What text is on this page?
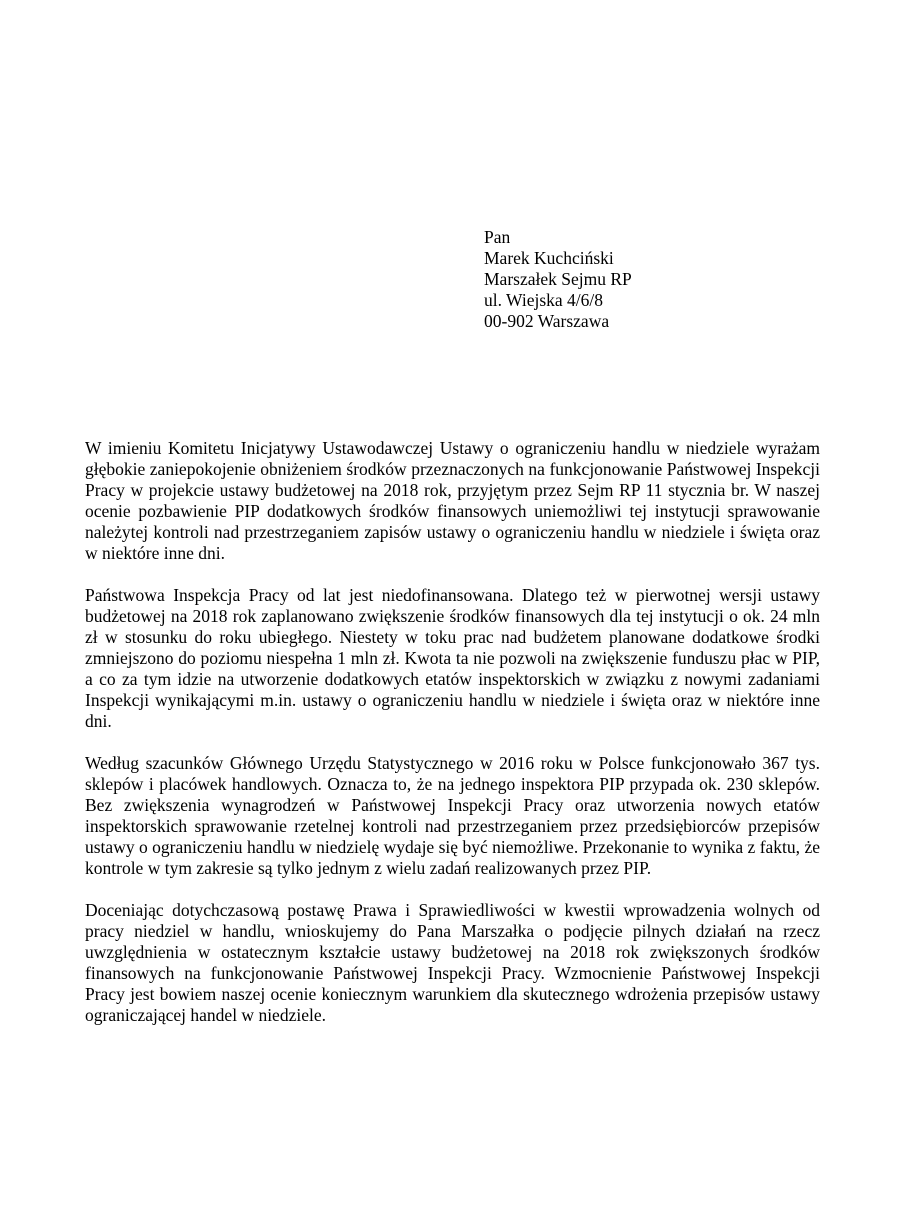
Pan
Marek Kuchciński
Marszałek Sejmu RP
ul. Wiejska 4/6/8
00-902 Warszawa

W imieniu Komitetu Inicjatywy Ustawodawczej Ustawy o ograniczeniu handlu w niedziele wyrażam głębokie zaniepokojenie obniżeniem środków przeznaczonych na funkcjonowanie Państwowej Inspekcji Pracy w projekcie ustawy budżetowej na 2018 rok, przyjętym przez Sejm RP 11 stycznia br. W naszej ocenie pozbawienie PIP dodatkowych środków finansowych uniemożliwi tej instytucji sprawowanie należytej kontroli nad przestrzeganiem zapisów ustawy o ograniczeniu handlu w niedziele i święta oraz w niektóre inne dni.

Państwowa Inspekcja Pracy od lat jest niedofinansowana. Dlatego też w pierwotnej wersji ustawy budżetowej na 2018 rok zaplanowano zwiększenie środków finansowych dla tej instytucji o ok. 24 mln zł w stosunku do roku ubiegłego. Niestety w toku prac nad budżetem planowane dodatkowe środki zmniejszono do poziomu niespełna 1 mln zł. Kwota ta nie pozwoli na zwiększenie funduszu płac w PIP, a co za tym idzie na utworzenie dodatkowych etatów inspektorskich w związku z nowymi zadaniami Inspekcji wynikającymi m.in. ustawy o ograniczeniu handlu w niedziele i święta oraz w niektóre inne dni.

Według szacunków Głównego Urzędu Statystycznego w 2016 roku w Polsce funkcjonowało 367 tys. sklepów i placówek handlowych. Oznacza to, że na jednego inspektora PIP przypada ok. 230 sklepów. Bez zwiększenia wynagrodzeń w Państwowej Inspekcji Pracy oraz utworzenia nowych etatów inspektorskich sprawowanie rzetelnej kontroli nad przestrzeganiem przez przedsiębiorców przepisów ustawy o ograniczeniu handlu w niedzielę wydaje się być niemożliwe. Przekonanie to wynika z faktu, że kontrole w tym zakresie są tylko jednym z wielu zadań realizowanych przez PIP.

Doceniając dotychczasową postawę Prawa i Sprawiedliwości w kwestii wprowadzenia wolnych od pracy niedziel w handlu, wnioskujemy do Pana Marszałka o podjęcie pilnych działań na rzecz uwzględnienia w ostatecznym kształcie ustawy budżetowej na 2018 rok zwiększonych środków finansowych na funkcjonowanie Państwowej Inspekcji Pracy. Wzmocnienie Państwowej Inspekcji Pracy jest bowiem naszej ocenie koniecznym warunkiem dla skutecznego wdrożenia przepisów ustawy ograniczającej handel w niedziele.
